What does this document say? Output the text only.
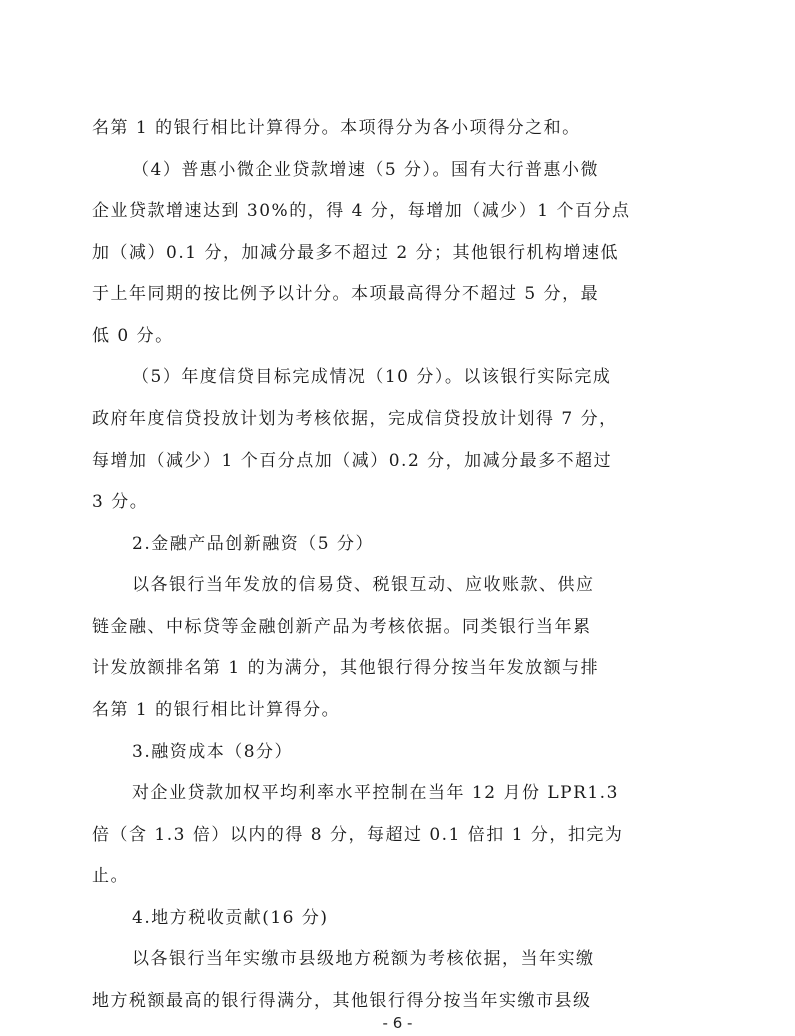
名第 1 的银行相比计算得分。本项得分为各小项得分之和。
（4）普惠小微企业贷款增速（5 分）。国有大行普惠小微
企业贷款增速达到 30%的，得 4 分，每增加（减少）1 个百分点
加（减）0.1 分，加减分最多不超过 2 分；其他银行机构增速低
于上年同期的按比例予以计分。本项最高得分不超过 5 分，最
低 0 分。
（5）年度信贷目标完成情况（10 分）。以该银行实际完成
政府年度信贷投放计划为考核依据，完成信贷投放计划得 7 分，
每增加（减少）1 个百分点加（减）0.2 分，加减分最多不超过
3 分。
2.金融产品创新融资（5 分）
以各银行当年发放的信易贷、税银互动、应收账款、供应
链金融、中标贷等金融创新产品为考核依据。同类银行当年累
计发放额排名第 1 的为满分，其他银行得分按当年发放额与排
名第 1 的银行相比计算得分。
3.融资成本（8分）
对企业贷款加权平均利率水平控制在当年 12 月份 LPR1.3
倍（含 1.3 倍）以内的得 8 分，每超过 0.1 倍扣 1 分，扣完为
止。
4.地方税收贡献(16 分)
以各银行当年实缴市县级地方税额为考核依据，当年实缴
地方税额最高的银行得满分，其他银行得分按当年实缴市县级
- 6 -
